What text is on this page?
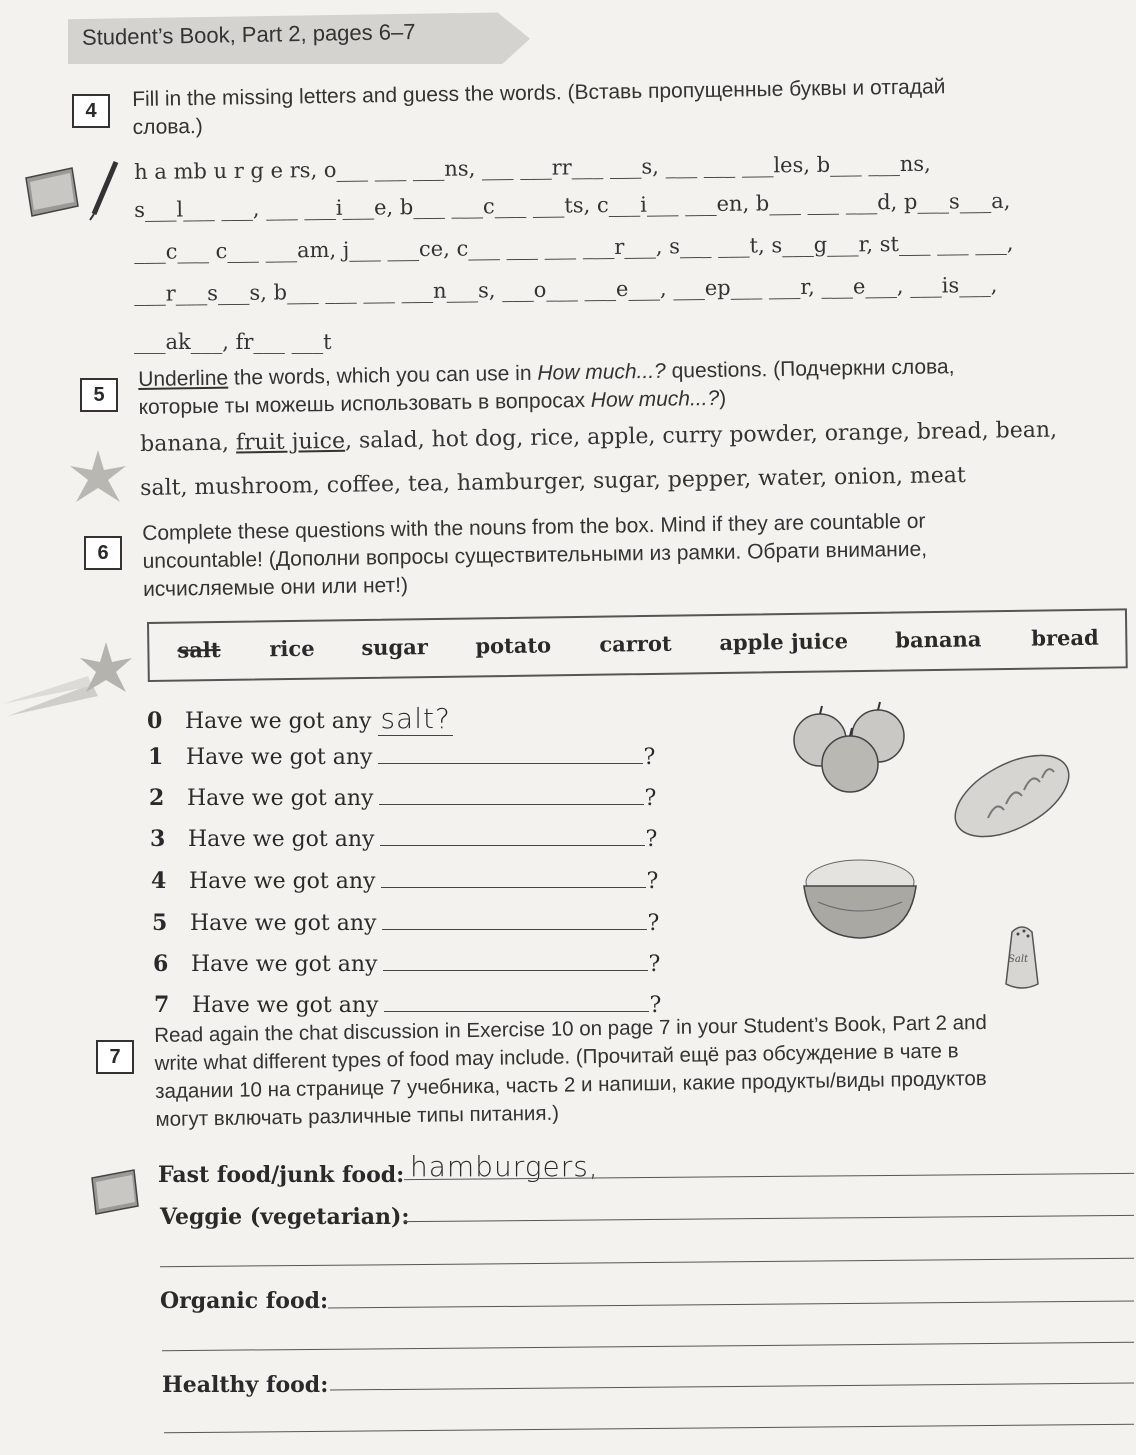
Student’s Book, Part 2, pages 6–7
4	Fill in the missing letters and guess the words. (Вставь пропущенные буквы и отгадай
слова.)
h a mb u r g e rs, o___ ___ ___ns, ___ ___rr___ ___s, ___ ___ ___les, b___ ___ns,
s___l___ ___, ___ ___i___e, b___ ___c___ ___ts, c___i___ ___en, b___ ___ ___d, p___s___a,
___c___ c___ ___am, j___ ___ce, c___ ___ ___ ___r___, s___ ___t, s___g___r, st___ ___ ___,
___r___s___s, b___ ___ ___ ___n___s, ___o___ ___e___, ___ep___ ___r, ___e___, ___is___,
___ak___, fr___ ___t
5
Underline the words, which you can use in How much...? questions. (Подчеркни слова,
которые ты можешь использовать в вопросах How much...?)
banana, fruit juice, salad, hot dog, rice, apple, curry powder, orange, bread, bean,
salt, mushroom, coffee, tea, hamburger, sugar, pepper, water, onion, meat
6
Complete these questions with the nouns from the box. Mind if they are countable or
uncountable! (Дополни вопросы существительными из рамки. Обрати внимание,
исчисляемые они или нет!)
salt rice sugar potato carrot apple juice banana bread
0 Have we got any salt?
1 Have we got any	?
2 Have we got any	?
3 Have we got any	?
4 Have we got any	?
5 Have we got any	?
6 Have we got any	?
7 Have we got any	?
Salt
7
Read again the chat discussion in Exercise 10 on page 7 in your Student’s Book, Part 2 and
write what different types of food may include. (Прочитай ещё раз обсуждение в чате в
задании 10 на странице 7 учебника, часть 2 и напиши, какие продукты/виды продуктов
могут включать различные типы питания.)
Fast food/junk food: hamburgers,
Veggie (vegetarian):
Organic food:
Healthy food:
